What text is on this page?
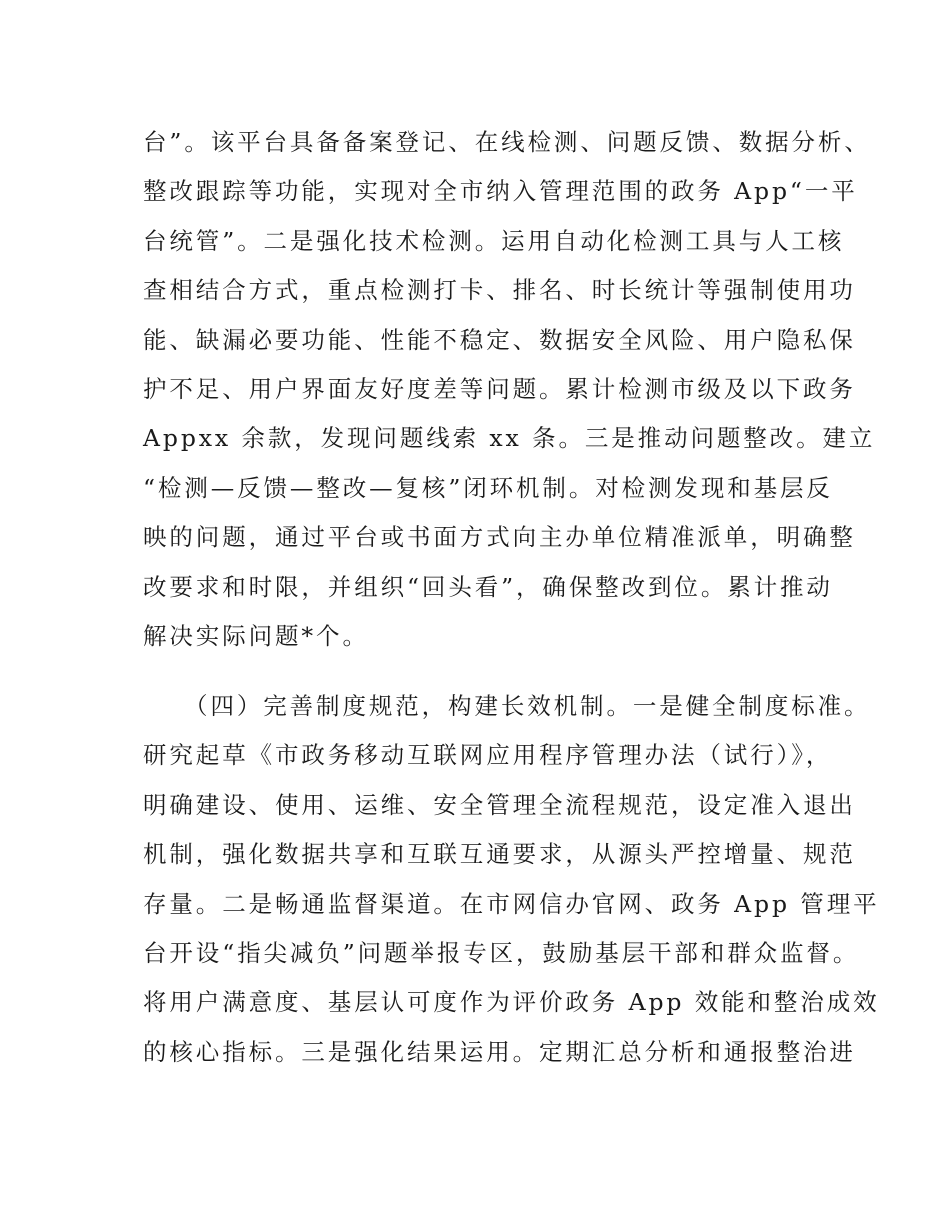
台”。该平台具备备案登记、在线检测、问题反馈、数据分析、
整改跟踪等功能，实现对全市纳入管理范围的政务 App“一平
台统管”。二是强化技术检测。运用自动化检测工具与人工核
查相结合方式，重点检测打卡、排名、时长统计等强制使用功
能、缺漏必要功能、性能不稳定、数据安全风险、用户隐私保
护不足、用户界面友好度差等问题。累计检测市级及以下政务
Appxx 余款，发现问题线索 xx 条。三是推动问题整改。建立
“检测—反馈—整改—复核”闭环机制。对检测发现和基层反
映的问题，通过平台或书面方式向主办单位精准派单，明确整
改要求和时限，并组织“回头看”，确保整改到位。累计推动
解决实际问题*个。
　　（四）完善制度规范，构建长效机制。一是健全制度标准。
研究起草《市政务移动互联网应用程序管理办法（试行）》，
明确建设、使用、运维、安全管理全流程规范，设定准入退出
机制，强化数据共享和互联互通要求，从源头严控增量、规范
存量。二是畅通监督渠道。在市网信办官网、政务 App 管理平
台开设“指尖减负”问题举报专区，鼓励基层干部和群众监督。
将用户满意度、基层认可度作为评价政务 App 效能和整治成效
的核心指标。三是强化结果运用。定期汇总分析和通报整治进
